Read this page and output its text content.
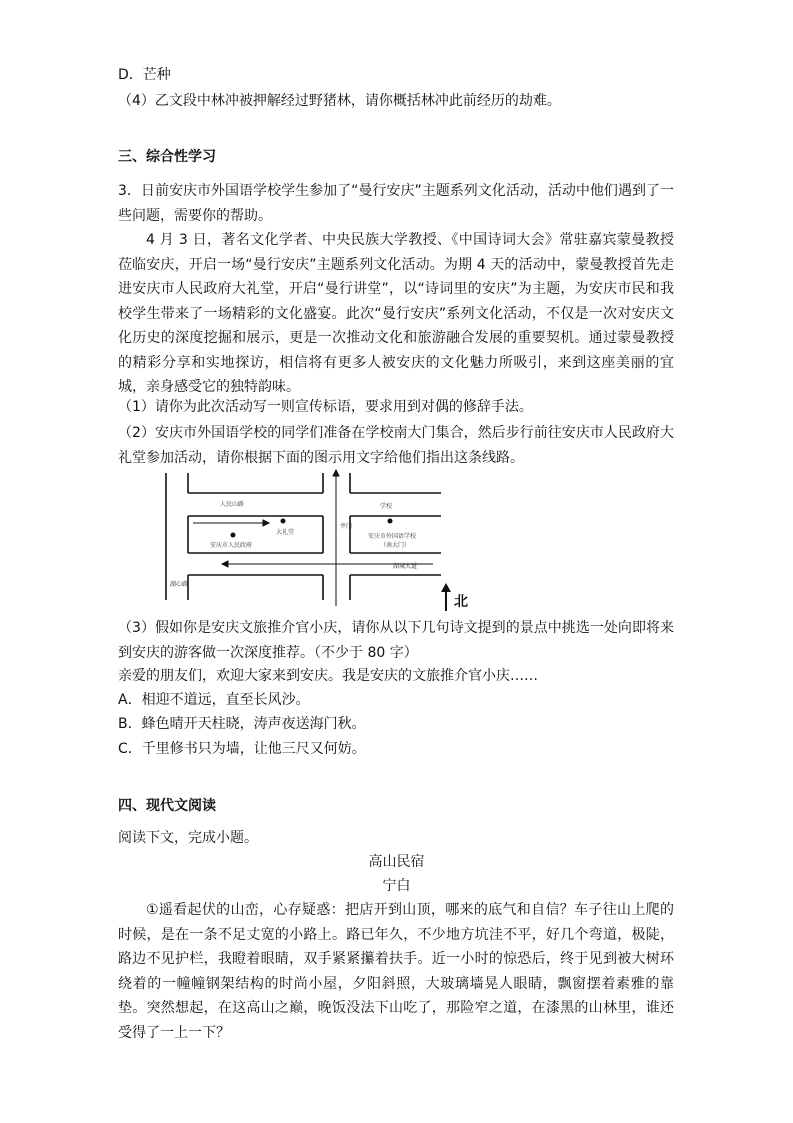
D．芒种
（4）乙文段中林冲被押解经过野猪林，请你概括林冲此前经历的劫难。
三、综合性学习
3．日前安庆市外国语学校学生参加了“曼行安庆”主题系列文化活动，活动中他们遇到了一些问题，需要你的帮助。
4 月 3 日，著名文化学者、中央民族大学教授、《中国诗词大会》常驻嘉宾蒙曼教授莅临安庆，开启一场“曼行安庆”主题系列文化活动。为期 4 天的活动中，蒙曼教授首先走进安庆市人民政府大礼堂，开启“曼行讲堂”，以“诗词里的安庆”为主题，为安庆市民和我校学生带来了一场精彩的文化盛宴。此次“曼行安庆”系列文化活动，不仅是一次对安庆文化历史的深度挖掘和展示，更是一次推动文化和旅游融合发展的重要契机。通过蒙曼教授的精彩分享和实地探访，相信将有更多人被安庆的文化魅力所吸引，来到这座美丽的宜城，亲身感受它的独特韵味。
（1）请你为此次活动写一则宣传标语，要求用到对偶的修辞手法。
（2）安庆市外国语学校的同学们准备在学校南大门集合，然后步行前往安庆市人民政府大礼堂参加活动，请你根据下面的图示用文字给他们指出这条线路。
人民山路
大礼堂
安庆市人民政府
井门
学校
安庆市外国语学校
（南大门）
湖城大道
湖心路
北
（3）假如你是安庆文旅推介官小庆，请你从以下几句诗文提到的景点中挑选一处向即将来到安庆的游客做一次深度推荐。（不少于 80 字）
亲爱的朋友们，欢迎大家来到安庆。我是安庆的文旅推介官小庆……
A．相迎不道远，直至长风沙。
B．蜂色晴开天柱晓，涛声夜送海门秋。
C．千里修书只为墙，让他三尺又何妨。
四、现代文阅读
阅读下文，完成小题。
高山民宿
宁白
①遥看起伏的山峦，心存疑惑：把店开到山顶，哪来的底气和自信？车子往山上爬的时候，是在一条不足丈宽的小路上。路已年久，不少地方坑洼不平，好几个弯道，极陡，路边不见护栏，我瞪着眼睛，双手紧紧攥着扶手。近一小时的惊恐后，终于见到被大树环绕着的一幢幢钢架结构的时尚小屋，夕阳斜照，大玻璃墙晃人眼睛，飘窗摆着素雅的靠垫。突然想起，在这高山之巅，晚饭没法下山吃了，那险窄之道，在漆黑的山林里，谁还受得了一上一下？
